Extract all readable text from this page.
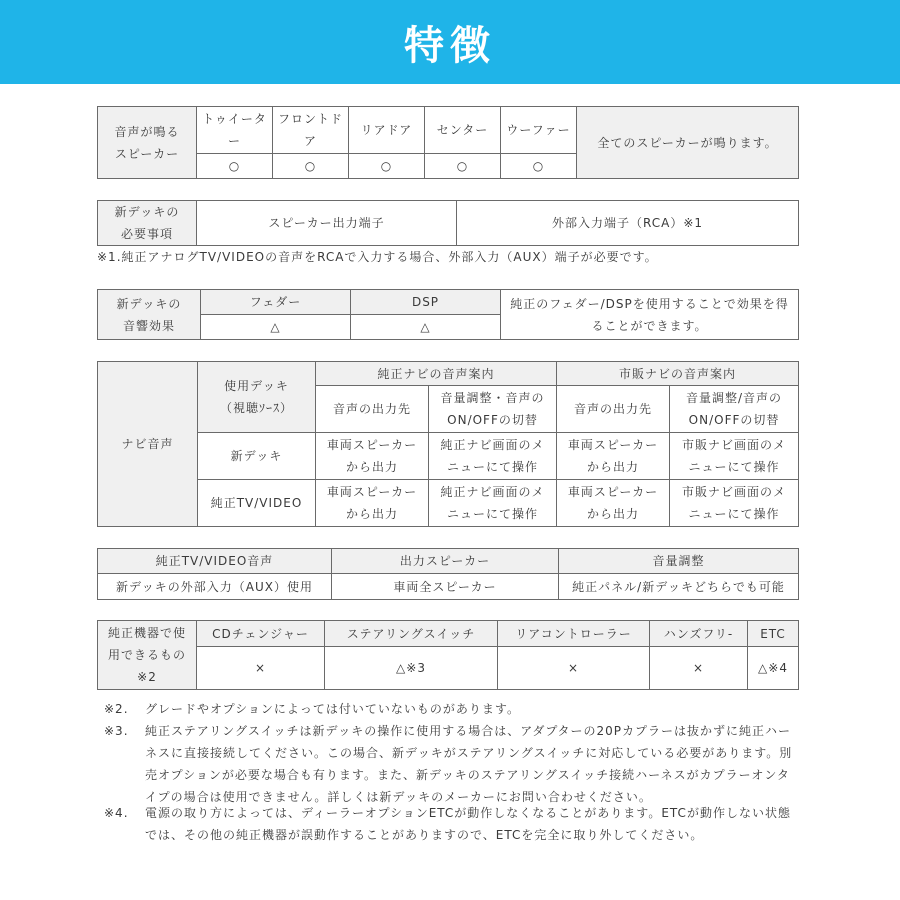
特徴
音声が鳴るスピーカー	トゥイーター	フロントドア	リアドア	センター	ウーファー	全てのスピーカーが鳴ります。
	○	○	○	○	○	
新デッキの必要事項	スピーカー出力端子	外部入力端子（RCA）※1
※1.純正アナログTV/VIDEOの音声をRCAで入力する場合、外部入力（AUX）端子が必要です。
新デッキの音響効果	フェダー	DSP	純正のフェダー/DSPを使用することで効果を得ることができます。
	△	△	
ナビ音声	使用デッキ（視聴ｿｰｽ）	純正ナビの音声案内		市販ナビの音声案内	
		音声の出力先	音量調整・音声のON/OFFの切替	音声の出力先	音量調整/音声のON/OFFの切替
	新デッキ	車両スピーカーから出力	純正ナビ画面のメニューにて操作	車両スピーカーから出力	市販ナビ画面のメニューにて操作
	純正TV/VIDEO	車両スピーカーから出力	純正ナビ画面のメニューにて操作	車両スピーカーから出力	市販ナビ画面のメニューにて操作
純正TV/VIDEO音声	出力スピーカー	音量調整
新デッキの外部入力（AUX）使用	車両全スピーカー	純正パネル/新デッキどちらでも可能
純正機器で使用できるもの※2	CDチェンジャー	ステアリングスイッチ	リアコントローラー	ハンズフリ-	ETC
	×	△※3	×	×	△※4
※2. グレードやオプションによっては付いていないものがあります。
※3. 純正ステアリングスイッチは新デッキの操作に使用する場合は、アダプターの20Pカプラーは抜かずに純正ハーネスに直接接続してください。この場合、新デッキがステアリングスイッチに対応している必要があります。別売オプションが必要な場合も有ります。また、新デッキのステアリングスイッチ接続ハーネスがカプラーオンタイプの場合は使用できません。詳しくは新デッキのメーカーにお問い合わせください。
※4. 電源の取り方によっては、ディーラーオプションETCが動作しなくなることがあります。ETCが動作しない状態では、その他の純正機器が誤動作することがありますので、ETCを完全に取り外してください。
